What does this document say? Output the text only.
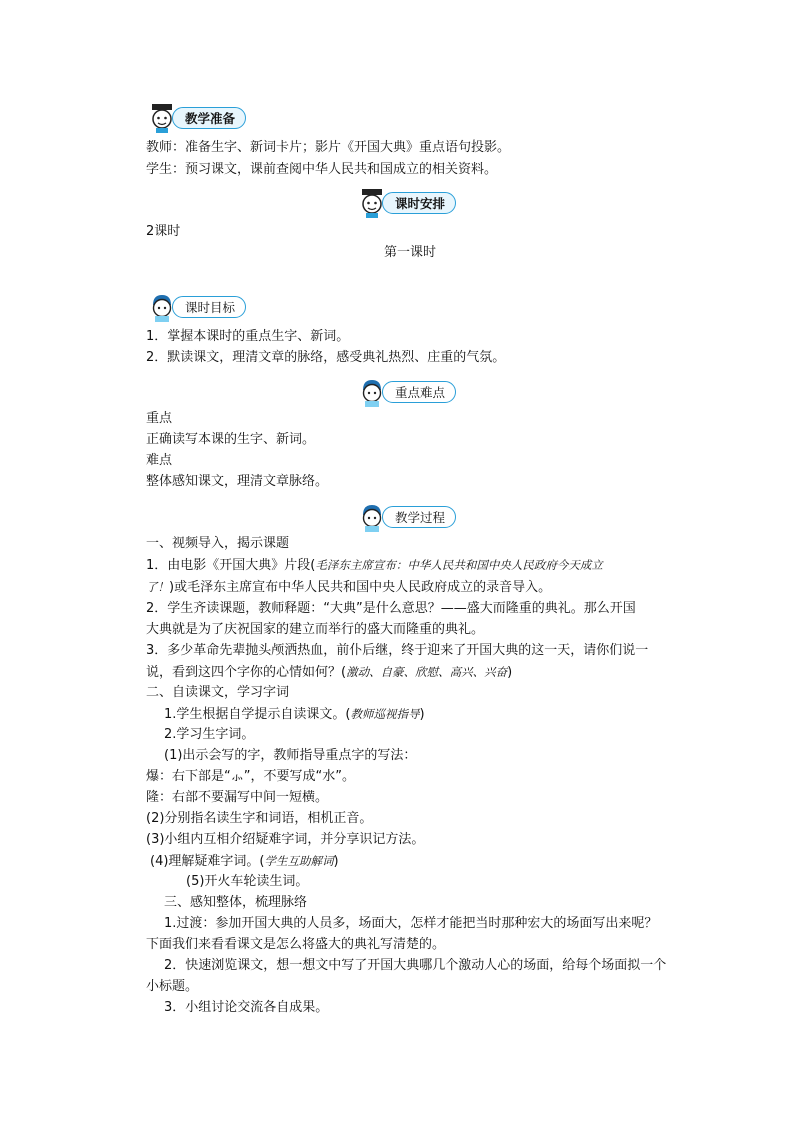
教学准备
教师：准备生字、新词卡片；影片《开国大典》重点语句投影。
学生：预习课文，课前查阅中华人民共和国成立的相关资料。
课时安排
2课时
第一课时
课时目标
1．掌握本课时的重点生字、新词。
2．默读课文，理清文章的脉络，感受典礼热烈、庄重的气氛。
重点难点
重点
正确读写本课的生字、新词。
难点
整体感知课文，理清文章脉络。
教学过程
一、视频导入，揭示课题
1．由电影《开国大典》片段(毛泽东主席宣布：中华人民共和国中央人民政府今天成立
了！)或毛泽东主席宣布中华人民共和国中央人民政府成立的录音导入。
2．学生齐读课题，教师释题：“大典”是什么意思？——盛大而隆重的典礼。那么开国
大典就是为了庆祝国家的建立而举行的盛大而隆重的典礼。
3．多少革命先辈抛头颅洒热血，前仆后继，终于迎来了开国大典的这一天，请你们说一
说，看到这四个字你的心情如何？(激动、自豪、欣慰、高兴、兴奋)
二、自读课文，学习字词
1.学生根据自学提示自读课文。(教师巡视指导)
2.学习生字词。
(1)出示会写的字，教师指导重点字的写法：
爆：右下部是“⺗”，不要写成“水”。
隆：右部不要漏写中间一短横。
(2)分别指名读生字和词语，相机正音。
(3)小组内互相介绍疑难字词，并分享识记方法。
(4)理解疑难字词。(学生互助解词)
(5)开火车轮读生词。
三、感知整体，梳理脉络
1.过渡：参加开国大典的人员多，场面大，怎样才能把当时那种宏大的场面写出来呢？
下面我们来看看课文是怎么将盛大的典礼写清楚的。
2．快速浏览课文，想一想文中写了开国大典哪几个激动人心的场面，给每个场面拟一个
小标题。
3．小组讨论交流各自成果。
